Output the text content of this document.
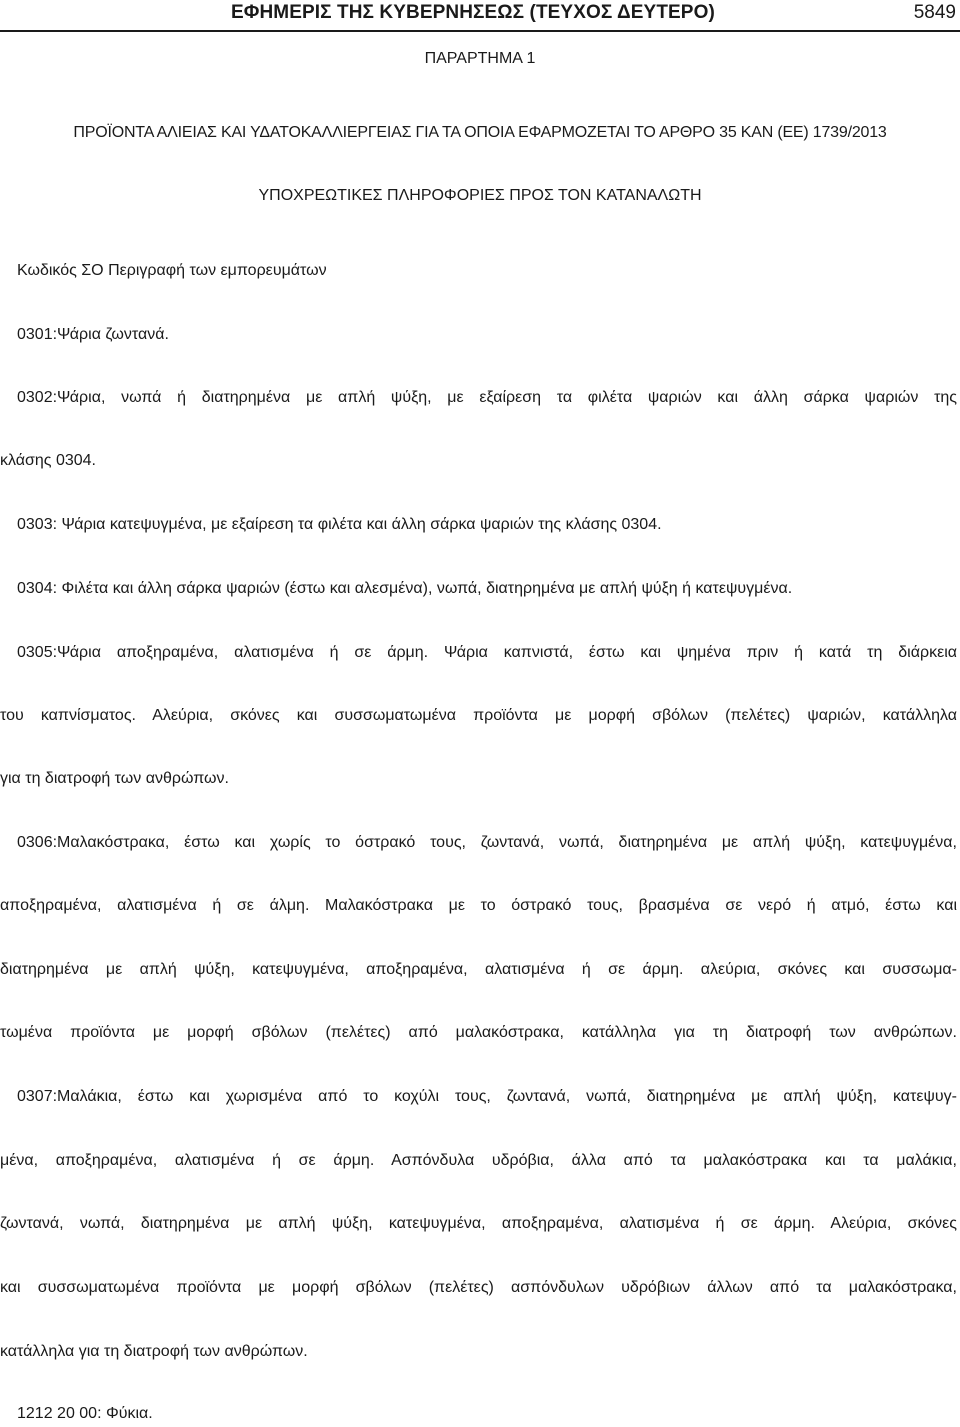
ΕΦΗΜΕΡΙΣ ΤΗΣ ΚΥΒΕΡΝΗΣΕΩΣ (ΤΕΥΧΟΣ ΔΕΥΤΕΡΟ)	5849
ΠΑΡΑΡΤΗΜΑ 1
ΠΡΟΪΟΝΤΑ ΑΛΙΕΙΑΣ ΚΑΙ ΥΔΑΤΟΚΑΛΛΙΕΡΓΕΙΑΣ ΓΙΑ ΤΑ ΟΠΟΙΑ ΕΦΑΡΜΟΖΕΤΑΙ ΤΟ ΑΡΘΡΟ 35 ΚΑΝ (ΕΕ) 1739/2013
ΥΠΟΧΡΕΩΤΙΚΕΣ ΠΛΗΡΟΦΟΡΙΕΣ ΠΡΟΣ ΤΟΝ ΚΑΤΑΝΑΛΩΤΗ
Κωδικός ΣΟ Περιγραφή των εμπορευμάτων
0301:Ψάρια ζωντανά.
0302:Ψάρια, νωπά ή διατηρημένα με απλή ψύξη, με εξαίρεση τα φιλέτα ψαριών και άλλη σάρκα ψαριών της
κλάσης 0304.
0303: Ψάρια κατεψυγμένα, με εξαίρεση τα φιλέτα και άλλη σάρκα ψαριών της κλάσης 0304.
0304: Φιλέτα και άλλη σάρκα ψαριών (έστω και αλεσμένα), νωπά, διατηρημένα με απλή ψύξη ή κατεψυγμένα.
0305:Ψάρια αποξηραμένα, αλατισμένα ή σε άρμη. Ψάρια καπνιστά, έστω και ψημένα πριν ή κατά τη διάρκεια
του καπνίσματος. Αλεύρια, σκόνες και συσσωματωμένα προϊόντα με μορφή σβόλων (πελέτες) ψαριών, κατάλληλα
για τη διατροφή των ανθρώπων.
0306:Μαλακόστρακα, έστω και χωρίς το όστρακό τους, ζωντανά, νωπά, διατηρημένα με απλή ψύξη, κατεψυγμένα,
αποξηραμένα, αλατισμένα ή σε άλμη. Μαλακόστρακα με το όστρακό τους, βρασμένα σε νερό ή ατμό, έστω και
διατηρημένα με απλή ψύξη, κατεψυγμένα, αποξηραμένα, αλατισμένα ή σε άρμη. αλεύρια, σκόνες και συσσωμα-
τωμένα προϊόντα με μορφή σβόλων (πελέτες) από μαλακόστρακα, κατάλληλα για τη διατροφή των ανθρώπων.
0307:Μαλάκια, έστω και χωρισμένα από το κοχύλι τους, ζωντανά, νωπά, διατηρημένα με απλή ψύξη, κατεψυγ-
μένα, αποξηραμένα, αλατισμένα ή σε άρμη. Ασπόνδυλα υδρόβια, άλλα από τα μαλακόστρακα και τα μαλάκια,
ζωντανά, νωπά, διατηρημένα με απλή ψύξη, κατεψυγμένα, αποξηραμένα, αλατισμένα ή σε άρμη. Αλεύρια, σκόνες
και συσσωματωμένα προϊόντα με μορφή σβόλων (πελέτες) ασπόνδυλων υδρόβιων άλλων από τα μαλακόστρακα,
κατάλληλα για τη διατροφή των ανθρώπων.
1212 20 00: Φύκια.
